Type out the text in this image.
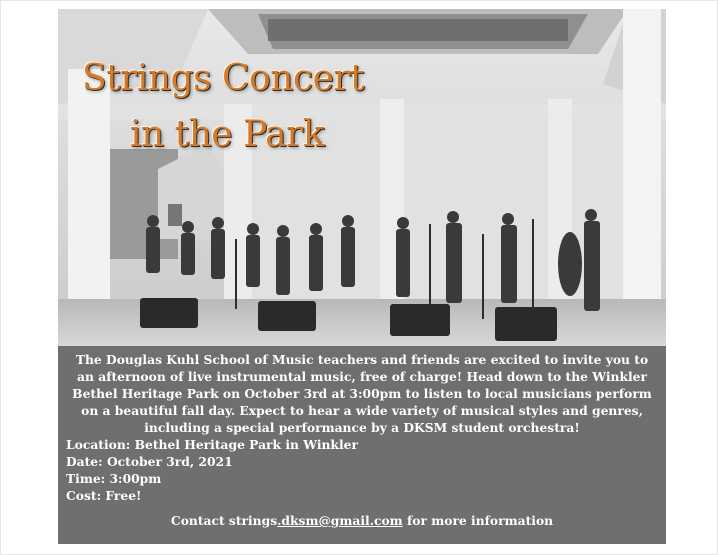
Strings Concert
in the Park
The Douglas Kuhl School of Music teachers and friends are excited to invite you to an afternoon of live instrumental music, free of charge! Head down to the Winkler Bethel Heritage Park on October 3rd at 3:00pm to listen to local musicians perform on a beautiful fall day. Expect to hear a wide variety of musical styles and genres, including a special performance by a DKSM student orchestra!
Location: Bethel Heritage Park in Winkler
Date: October 3rd, 2021
Time: 3:00pm
Cost: Free!
Contact strings.dksm@gmail.com for more information
